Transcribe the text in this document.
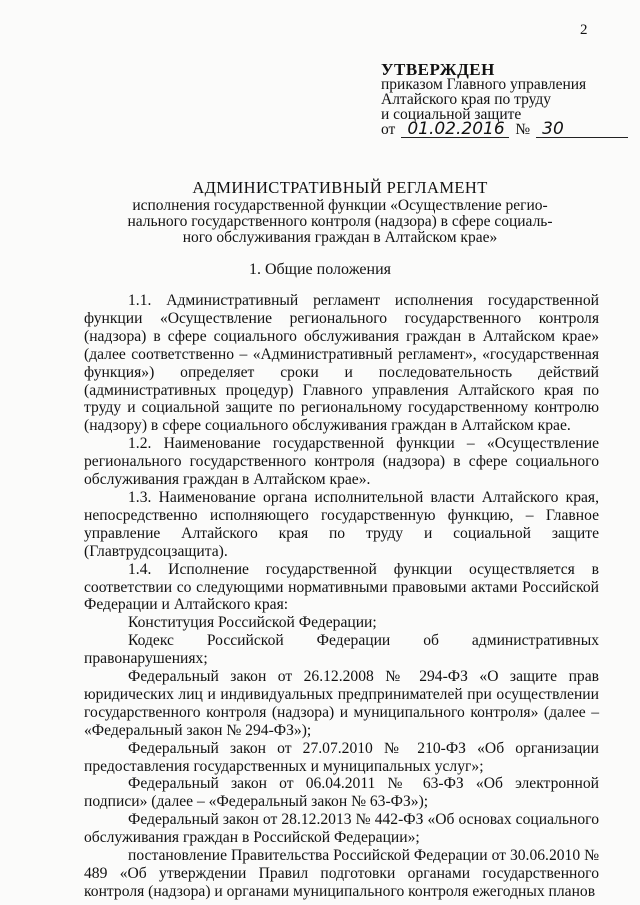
2
УТВЕРЖДЕН
приказом Главного управления
Алтайского края по труду
и социальной защите
от 01.02.2016 № 30
АДМИНИСТРАТИВНЫЙ РЕГЛАМЕНТ
исполнения государственной функции «Осуществление регио-
нального государственного контроля (надзора) в сфере социаль-
ного обслуживания граждан в Алтайском крае»
1. Общие положения

1.1. Административный регламент исполнения государственной функции «Осуществление регионального государственного контроля (надзора) в сфере социального обслуживания граждан в Алтайском крае» (далее соответственно – «Административный регламент», «государственная функция») определяет сроки и последовательность действий (административных процедур) Главного управления Алтайского края по труду и социальной защите по региональному государственному контролю (надзору) в сфере социального обслуживания граждан в Алтайском крае.

1.2. Наименование государственной функции – «Осуществление регионального государственного контроля (надзора) в сфере социального обслуживания граждан в Алтайском крае».

1.3. Наименование органа исполнительной власти Алтайского края, непосредственно исполняющего государственную функцию, – Главное управление Алтайского края по труду и социальной защите (Главтрудсоцзащита).

1.4. Исполнение государственной функции осуществляется в соответствии со следующими нормативными правовыми актами Российской Федерации и Алтайского края:

Конституция Российской Федерации;

Кодекс Российской Федерации об административных правонарушениях;

Федеральный закон от 26.12.2008 № 294-ФЗ «О защите прав юридических лиц и индивидуальных предпринимателей при осуществлении государственного контроля (надзора) и муниципального контроля» (далее – «Федеральный закон № 294-ФЗ»);

Федеральный закон от 27.07.2010 № 210-ФЗ «Об организации предоставления государственных и муниципальных услуг»;

Федеральный закон от 06.04.2011 № 63-ФЗ «Об электронной подписи» (далее – «Федеральный закон № 63-ФЗ»);

Федеральный закон от 28.12.2013 № 442-ФЗ «Об основах социального обслуживания граждан в Российской Федерации»;

постановление Правительства Российской Федерации от 30.06.2010 № 489 «Об утверждении Правил подготовки органами государственного контроля (надзора) и органами муниципального контроля ежегодных планов
